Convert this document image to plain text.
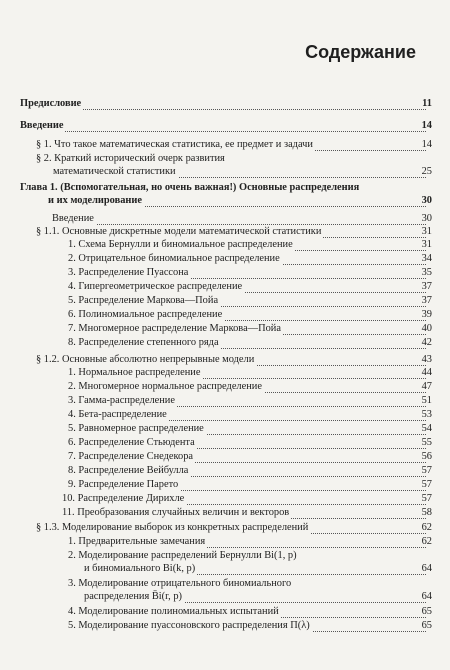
Содержание
Предисловие	11
Введение	14
§ 1. Что такое математическая статистика, ее предмет и задачи	14
§ 2. Краткий исторический очерк развития
математической статистики	25
Глава 1. (Вспомогательная, но очень важная!) Основные распределения
и их моделирование	30
Введение	30
§ 1.1. Основные дискретные модели математической статистики	31
1. Схема Бернулли и биномиальное распределение	31
2. Отрицательное биномиальное распределение	34
3. Распределение Пуассона	35
4. Гипергеометрическое распределение	37
5. Распределение Маркова—Пойа	37
6. Полиномиальное распределение	39
7. Многомерное распределение Маркова—Пойа	40
8. Распределение степенного ряда	42
§ 1.2. Основные абсолютно непрерывные модели	43
1. Нормальное распределение	44
2. Многомерное нормальное распределение	47
3. Гамма-распределение	51
4. Бета-распределение	53
5. Равномерное распределение	54
6. Распределение Стьюдента	55
7. Распределение Снедекора	56
8. Распределение Вейбулла	57
9. Распределение Парето	57
10. Распределение Дирихле	57
11. Преобразования случайных величин и векторов	58
§ 1.3. Моделирование выборок из конкретных распределений	62
1. Предварительные замечания	62
2. Моделирование распределений Бернулли Bi(1, p)
и биномиального Bi(k, p)	64
3. Моделирование отрицательного биномиального
распределения B̄i(r, p)	64
4. Моделирование полиномиальных испытаний	65
5. Моделирование пуассоновского распределения Π(λ)	65
